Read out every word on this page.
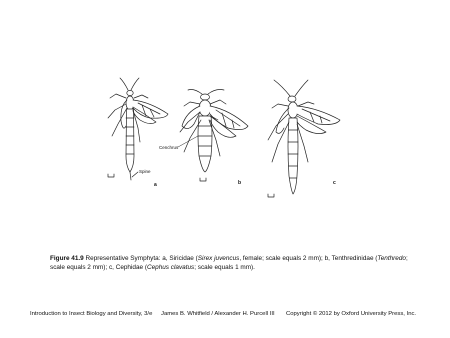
Spine
a
Cenchrus
b	c
Figure 41.9 Representative Symphyta: a, Siricidae (Sirex juvencus, female; scale equals 2 mm); b, Tenthredinidae (Tenthredo; scale equals 2 mm); c, Cephidae (Cephus clavatus; scale equals 1 mm).
Introduction to Insect Biology and Diversity, 3/e	James B. Whitfield / Alexander H. Purcell III Copyright © 2012 by Oxford University Press, Inc.
